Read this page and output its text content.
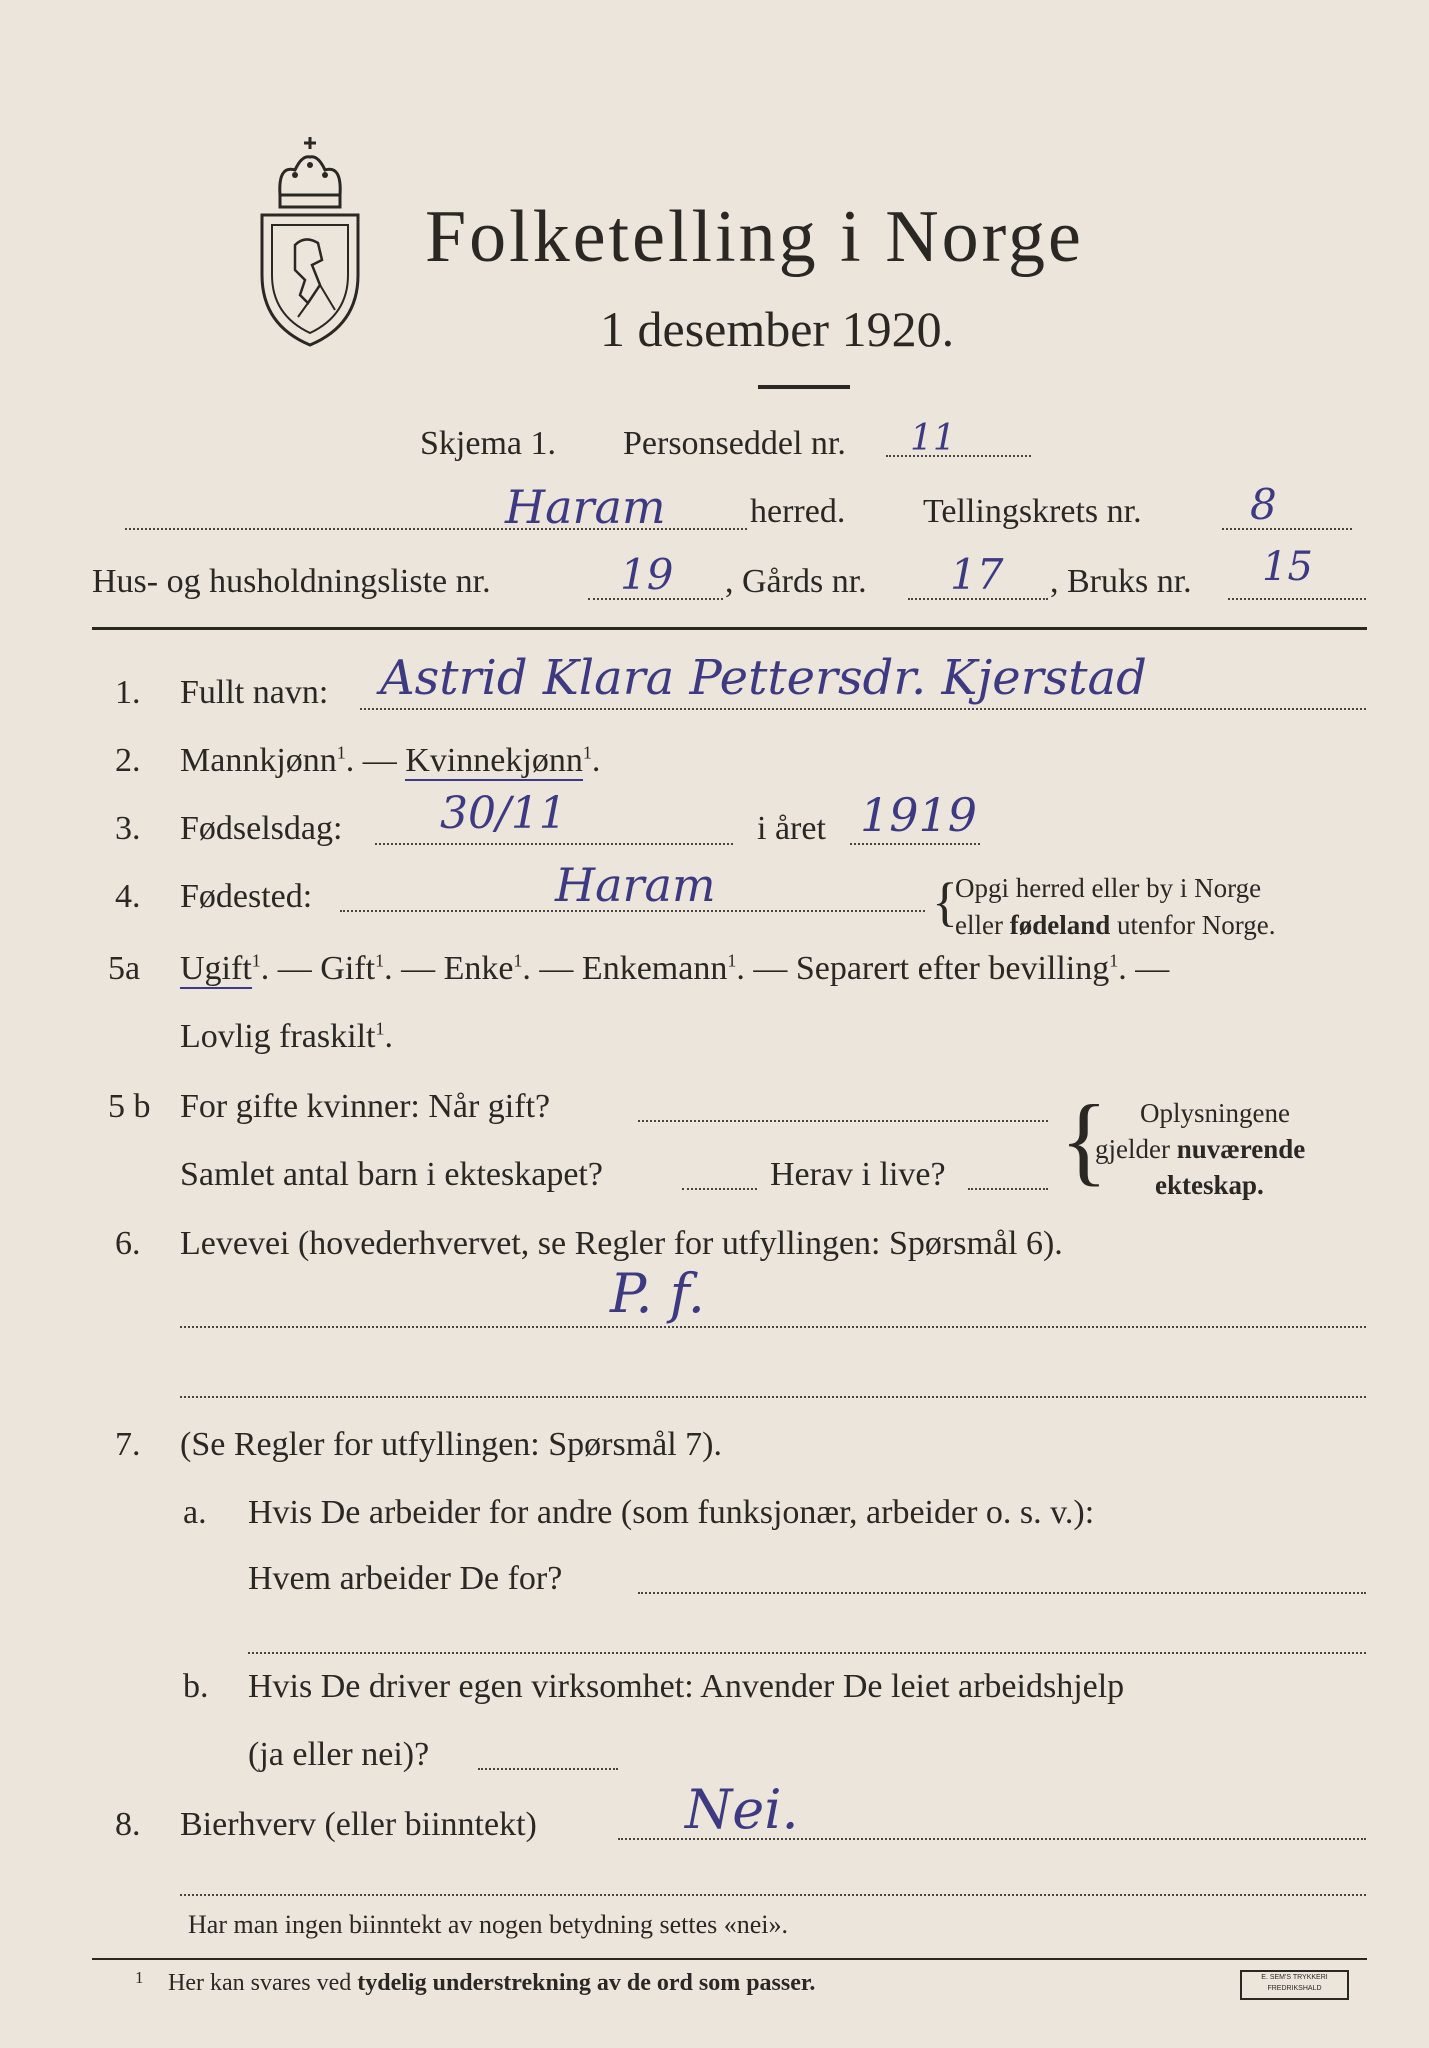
Folketelling i Norge
1 desember 1920.
Skjema 1. Personseddel nr. 11
Haram herred. Tellingskrets nr.	8
Hus- og husholdningsliste nr.	19 , Gårds nr. 17 , Bruks nr. 15
1. Fullt navn: Astrid Klara Pettersdr. Kjerstad
2. Mannkjønn$^1$. — Kvinnekjønn$^1$.
3. Fødselsdag: 30/11	i året 1919
4. Fødested:	Haram	{
Opgi herred eller by i Norge
eller fødeland utenfor Norge.
5a Ugift$^1$. — Gift$^1$. — Enke$^1$. — Enkemann$^1$. — Separert efter bevilling$^1$. —
Lovlig fraskilt$^1$.
5 b For gifte kvinner: Når gift?
Samlet antal barn i ekteskapet?	Herav i live? { Oplysningene
gjelder nuværende
ekteskap.
6. Levevei (hovederhvervet, se Regler for utfyllingen: Spørsmål 6).
P. f.
7. (Se Regler for utfyllingen: Spørsmål 7).
a. Hvis De arbeider for andre (som funksjonær, arbeider o. s. v.):
Hvem arbeider De for?
b. Hvis De driver egen virksomhet: Anvender De leiet arbeidshjelp
(ja eller nei)?
8. Bierhverv (eller biinntekt)	Nei.
Har man ingen biinntekt av nogen betydning settes «nei».
1 Her kan svares ved tydelig understrekning av de ord som passer.	E. SEM'S TRYKKERI
FREDRIKSHALD
